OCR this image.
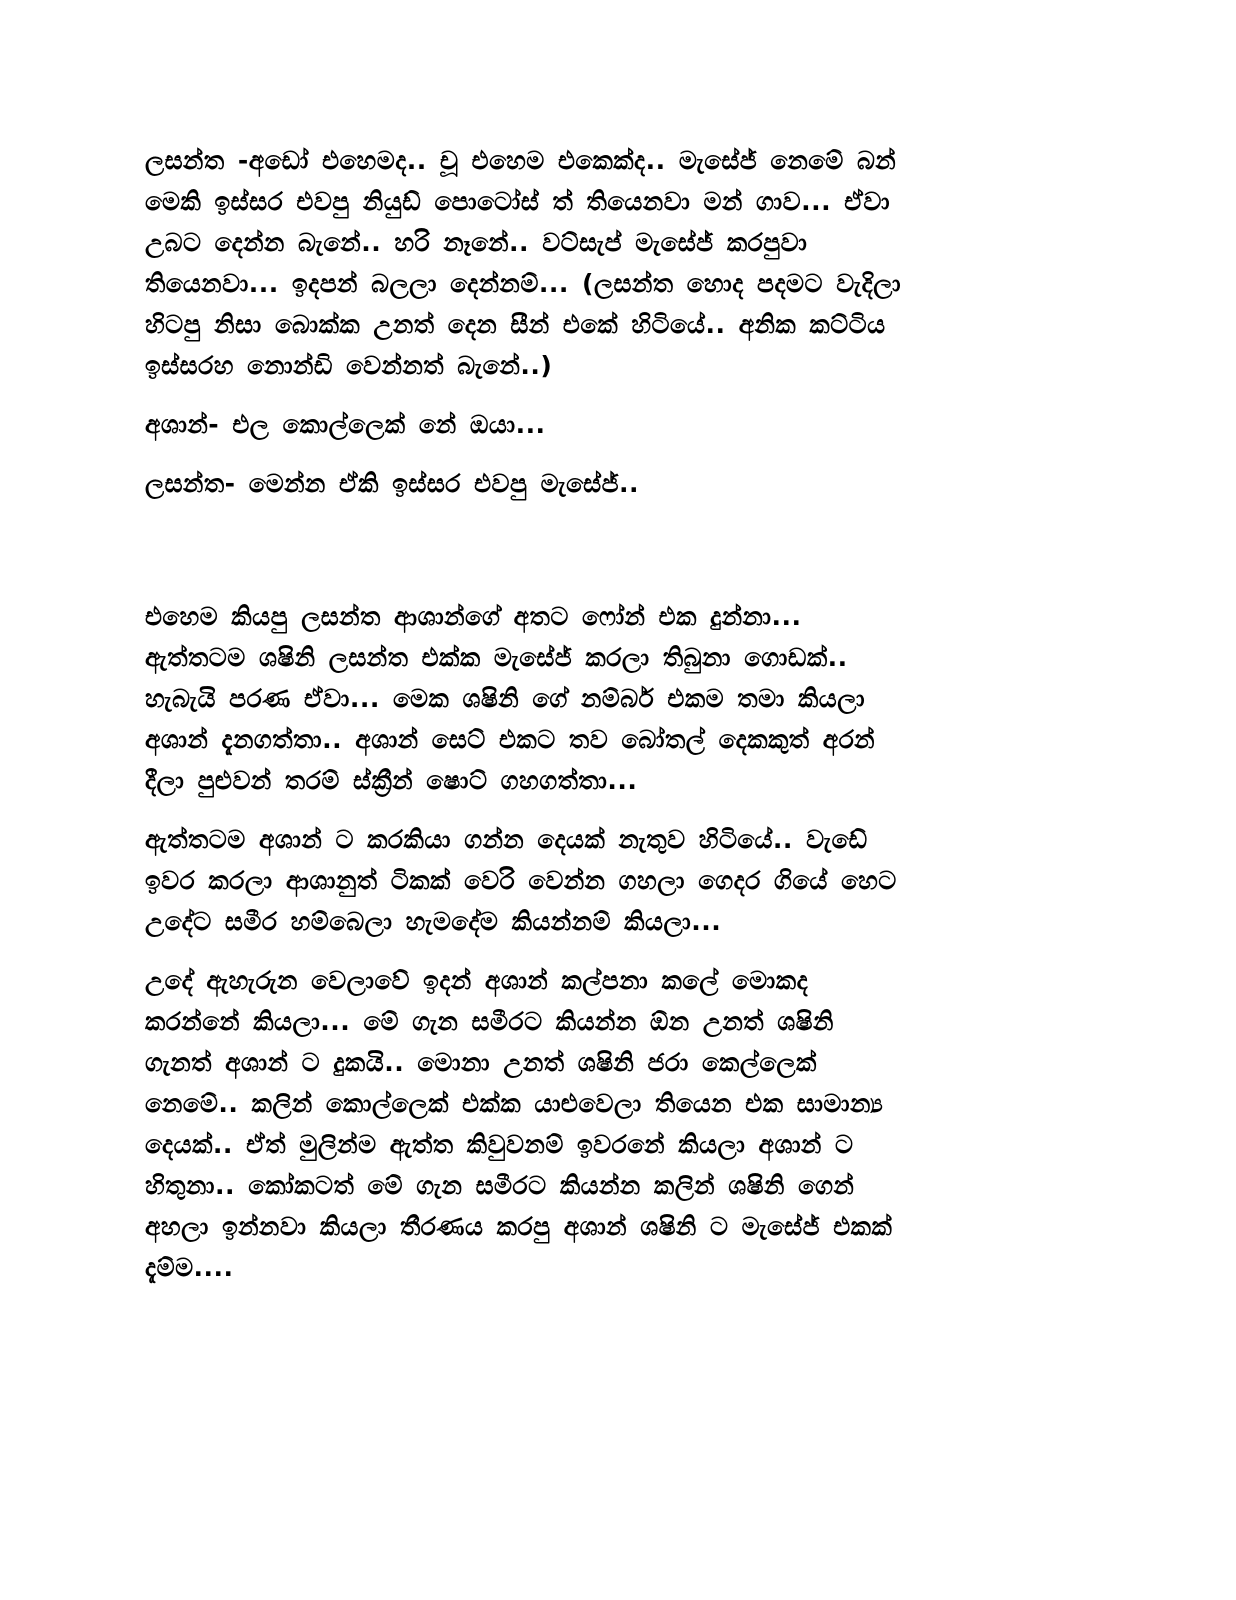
ලසන්ත -අඩෝ එහෙමද.. චූ එහෙම එකෙක්ද.. මැසේජ් නෙමේ බන්
මෙකි ඉස්සර එවපු නියුඩ් පොටෝස් ත් තියෙනවා මන් ගාව... ඒවා
උබට දෙන්න බැනේ.. හරි නෑනේ.. වට්සැප් මැසේජ් කරපුවා
තියෙනවා... ඉදපන් බලලා දෙන්නම්... (ලසන්ත හොද පදමට වැදිලා
හිටපු නිසා බොක්ක උනත් දෙන සීන් එකේ හිටියේ.. අනික කට්ටිය
ඉස්සරහ නොන්ඩි වෙන්නත් බැනේ..)

අශාන්- එල කොල්ලෙක් නේ ඔයා...

ලසන්ත- මෙන්න ඒකි ඉස්සර එවපු මැසේජ්..

එහෙම කියපු ලසන්ත ආශාන්ගේ අතට ෆෝන් එක දුන්නා...
ඇත්තටම ශෂිනි ලසන්ත එක්ක මැසේජ් කරලා තිබුනා ගොඩක්..
හැබැයි පරණ ඒවා... මෙක ශෂිනි ගේ නම්බර් එකම තමා කියලා
අශාන් දැනගත්තා.. අශාන් සෙට් එකට තව බෝතල් දෙකකුත් අරන්
දීලා පුළුවන් තරම් ස්ක්‍රීන් ෂොට් ගහගත්තා...

ඇත්තටම අශාන් ට කරකියා ගන්න දෙයක් නැතුව හිටියේ.. වැඩේ
ඉවර කරලා ආශානුත් ටිකක් වෙරි වෙන්න ගහලා ගෙදර ගියේ හෙට
උදේට සමීර හම්බෙලා හැමදේම කියන්නම් කියලා...

උදේ ඇහැරුන වෙලාවේ ඉදන් අශාන් කල්පනා කලේ මොකද
කරන්නේ කියලා... මේ ගැන සමීරට කියන්න ඕන උනත් ශෂිනි
ගැනත් අශාන් ට දුකයි.. මොනා උනත් ශෂිනි ජරා කෙල්ලෙක්
නෙමේ.. කලින් කොල්ලෙක් එක්ක යාළුවෙලා තියෙන එක සාමාන්‍ය
දෙයක්.. ඒත් මුලින්ම ඇත්ත කිවුවනම් ඉවරනේ කියලා අශාන් ට
හිතුනා.. කෝකටත් මේ ගැන සමීරට කියන්න කලින් ශෂිනි ගෙන්
අහලා ඉන්නවා කියලා තීරණය කරපු අශාන් ශෂිනි ට මැසේජ් එකක්
දැම්ම....
